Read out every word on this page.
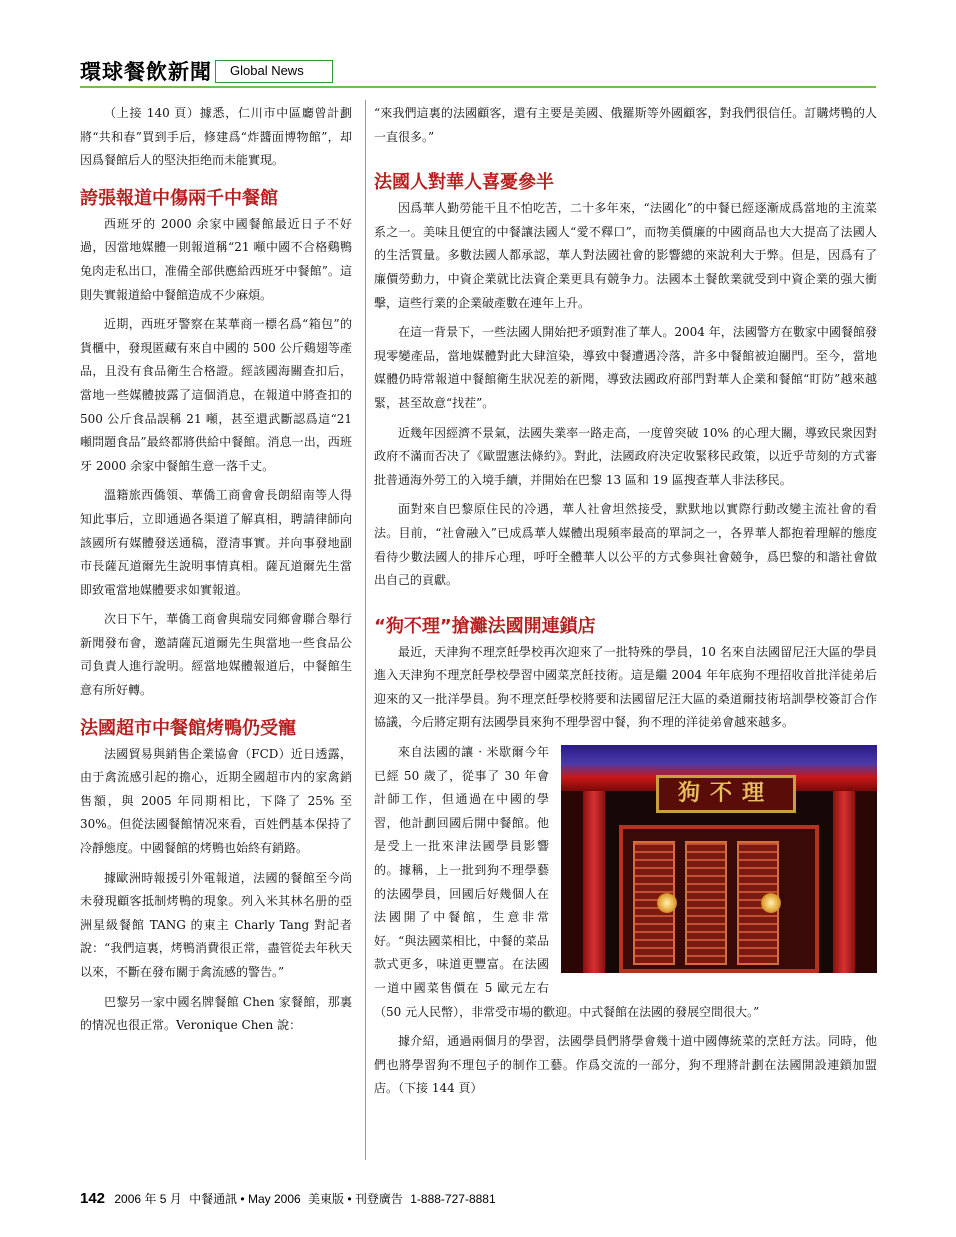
環球餐飲新聞	Global News

（上接 140 頁）據悉，仁川市中區廳曾計劃將“共和春”買到手后，修建爲“炸醬面博物館”，却因爲餐館后人的堅決拒绝而未能實現。

誇張報道中傷兩千中餐館

西班牙的 2000 余家中國餐館最近日子不好過，因當地媒體一則報道稱“21 噸中國不合格鷄鴨兔肉走私出口，准備全部供應給西班牙中餐館”。這則失實報道給中餐館造成不少麻煩。

近期，西班牙警察在某華商一標名爲“箱包”的貨櫃中，發現匿藏有來自中國的 500 公斤鷄翅等產品，且没有食品衛生合格證。經該國海關查扣后，當地一些媒體披露了這個消息，在報道中將查扣的 500 公斤食品誤稱 21 噸，甚至還武斷認爲這“21 噸問題食品”最終都將供給中餐館。消息一出，西班牙 2000 余家中餐館生意一落千丈。

溫籍旅西僑領、華僑工商會會長朗紹南等人得知此事后，立即通過各渠道了解真相，聘請律師向該國所有媒體發送通稿，澄清事實。并向事發地副市長薩瓦道爾先生說明事情真相。薩瓦道爾先生當即致電當地媒體要求如實報道。

次日下午，華僑工商會與瑞安同鄉會聯合舉行新聞發布會，邀請薩瓦道爾先生與當地一些食品公司負責人進行說明。經當地媒體報道后，中餐館生意有所好轉。

法國超市中餐館烤鴨仍受寵

法國貿易與銷售企業協會（FCD）近日透露，由于禽流感引起的擔心，近期全國超市内的家禽銷售額，與 2005 年同期相比，下降了 25% 至 30%。但從法國餐館情况來看，百姓們基本保持了冷靜態度。中國餐館的烤鴨也始終有銷路。

據歐洲時報援引外電報道，法國的餐館至今尚未發現顧客抵制烤鴨的現象。列入米其林名册的亞洲星級餐館 TANG 的東主 Charly Tang 對記者說：“我們這裏，烤鴨消費很正常，盡管從去年秋天以來，不斷在發布關于禽流感的警告。”

巴黎另一家中國名牌餐館 Chen 家餐館，那裏的情况也很正常。Veronique Chen 說：

“來我們這裏的法國顧客，還有主要是美國、俄羅斯等外國顧客，對我們很信任。訂購烤鴨的人一直很多。”

法國人對華人喜憂參半

因爲華人勤勞能干且不怕吃苦，二十多年來，“法國化”的中餐已經逐漸成爲當地的主流菜系之一。美味且便宜的中餐讓法國人“愛不釋口”，而物美價廉的中國商品也大大提高了法國人的生活質量。多數法國人都承認，華人對法國社會的影響總的來說利大于弊。但是，因爲有了廉價勞動力，中資企業就比法資企業更具有競争力。法國本土餐飲業就受到中資企業的强大衝擊，這些行業的企業破產數在連年上升。

在這一背景下，一些法國人開始把矛頭對准了華人。2004 年，法國警方在數家中國餐館發現零變產品，當地媒體對此大肆渲染，導致中餐遭遇冷落，許多中餐館被迫關門。至今，當地媒體仍時常報道中餐館衛生狀况差的新聞，導致法國政府部門對華人企業和餐館“盯防”越來越緊，甚至故意“找茬”。

近幾年因經濟不景氣，法國失業率一路走高，一度曾突破 10% 的心理大關，導致民衆因對政府不滿而否决了《歐盟憲法條約》。對此，法國政府决定收緊移民政策，以近乎苛刻的方式審批普通海外勞工的入境手續，并開始在巴黎 13 區和 19 區搜查華人非法移民。

面對來自巴黎原住民的冷遇，華人社會坦然接受，默默地以實際行動改變主流社會的看法。目前，“社會融入”已成爲華人媒體出現頻率最高的單詞之一，各界華人都抱着理解的態度看待少數法國人的排斥心理，呼吁全體華人以公平的方式參與社會競争，爲巴黎的和諧社會做出自己的貢獻。

“狗不理”搶灘法國開連鎖店

最近，天津狗不理烹飪學校再次迎來了一批特殊的學員，10 名來自法國留尼汪大區的學員進入天津狗不理烹飪學校學習中國菜烹飪技術。這是繼 2004 年年底狗不理招收首批洋徒弟后迎來的又一批洋學員。狗不理烹飪學校將要和法國留尼汪大區的桑道爾技術培訓學校簽訂合作協議，今后將定期有法國學員來狗不理學習中餐，狗不理的洋徒弟會越來越多。

狗不理

來自法國的讓 · 米歇爾今年已經 50 歲了，從事了 30 年會計師工作，但通過在中國的學習，他計劃回國后開中餐館。他是受上一批來津法國學員影響的。據稱，上一批到狗不理學藝的法國學員，回國后好幾個人在法國開了中餐館，生意非常好。“與法國菜相比，中餐的菜品款式更多，味道更豐富。在法國一道中國菜售價在 5 歐元左右（50 元人民幣），非常受市場的歡迎。中式餐館在法國的發展空間很大。”

據介紹，通過兩個月的學習，法國學員們將學會幾十道中國傳統菜的烹飪方法。同時，他們也將學習狗不理包子的制作工藝。作爲交流的一部分，狗不理將計劃在法國開設連鎖加盟店。（下接 144 頁）

142 2006 年 5 月 中餐通訊 • May 2006 美東版 • 刊登廣告 1-888-727-8881
